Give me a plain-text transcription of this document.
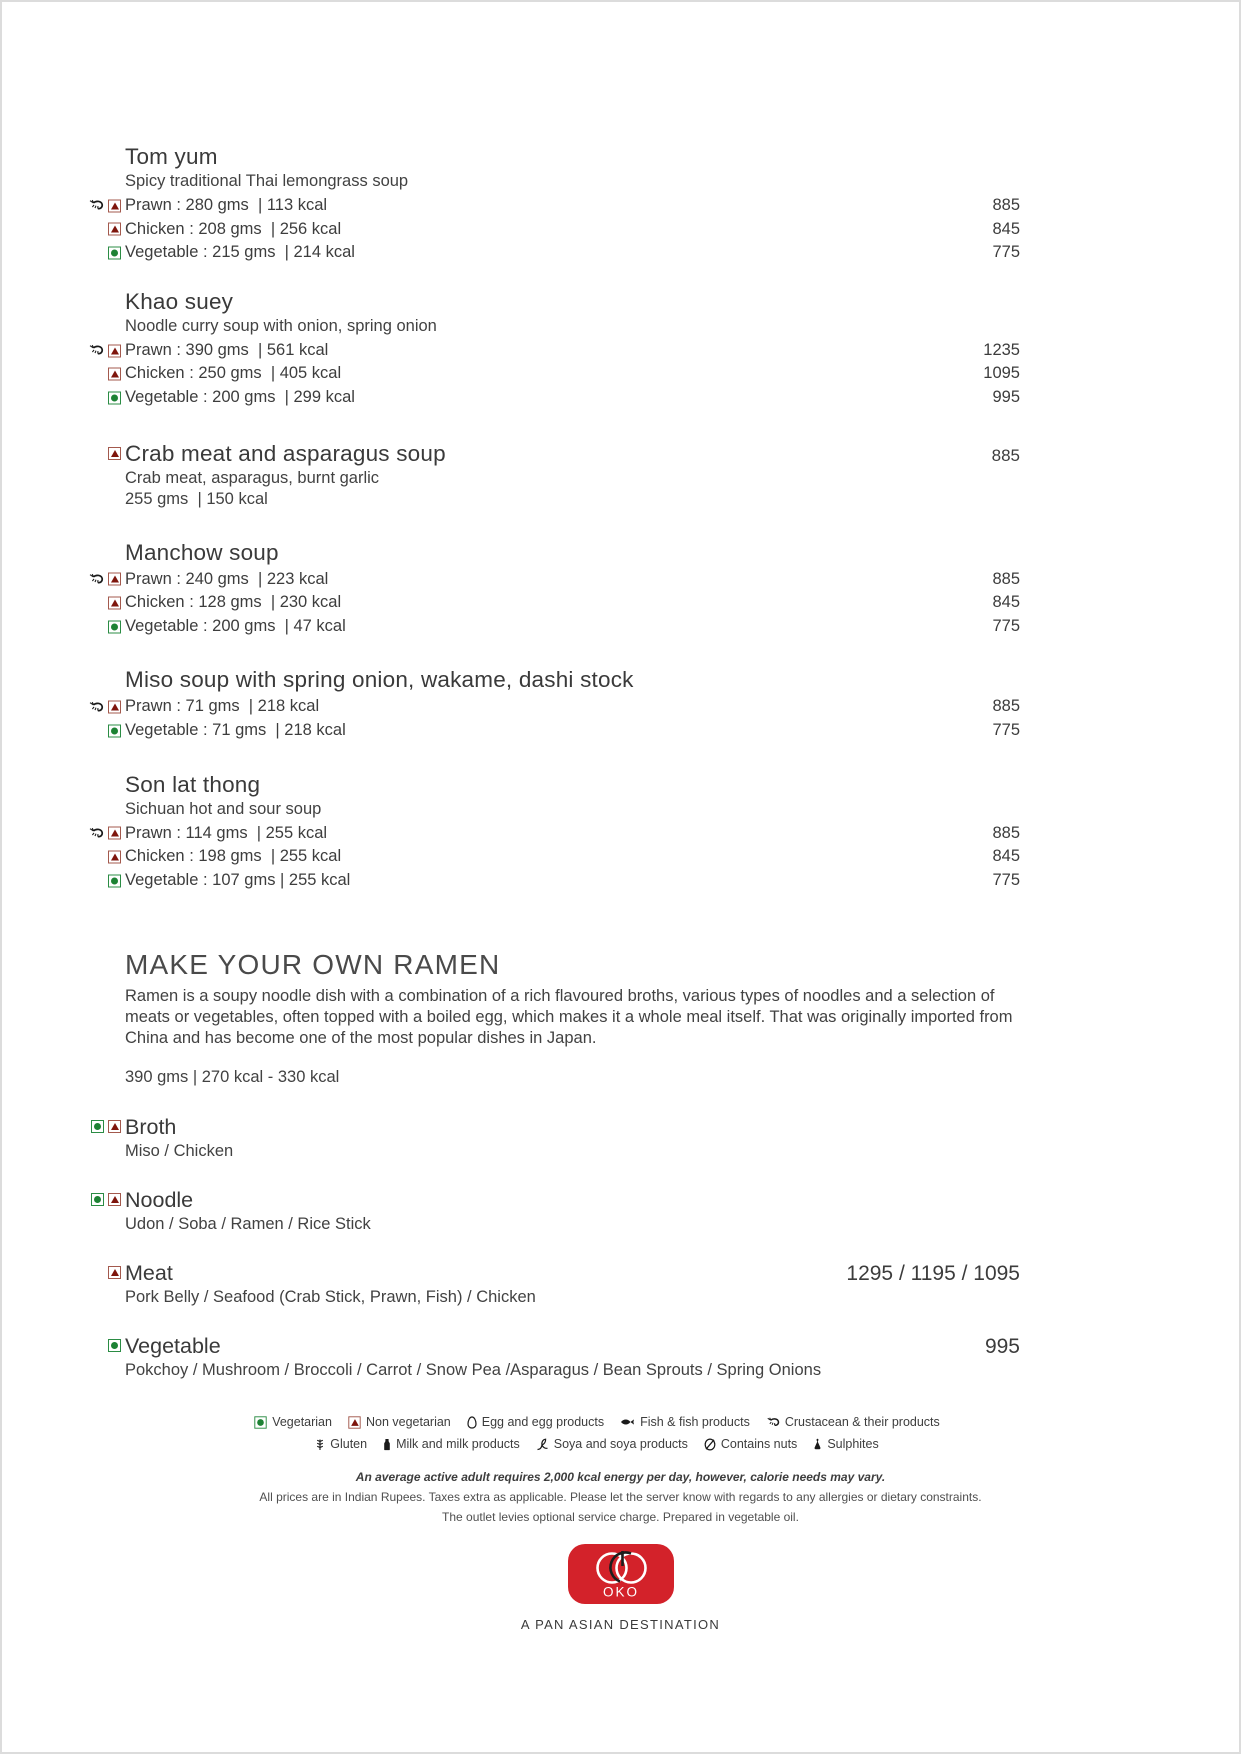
Tom yum
Spicy traditional Thai lemongrass soup
Prawn : 280 gms  | 113 kcal	885
Chicken : 208 gms  | 256 kcal	845
Vegetable : 215 gms  | 214 kcal	775
Khao suey
Noodle curry soup with onion, spring onion
Prawn : 390 gms  | 561 kcal	1235
Chicken : 250 gms  | 405 kcal	1095
Vegetable : 200 gms  | 299 kcal	995
Crab meat and asparagus soup	885
Crab meat, asparagus, burnt garlic
255 gms  | 150 kcal
Manchow soup
Prawn : 240 gms  | 223 kcal	885
Chicken : 128 gms  | 230 kcal	845
Vegetable : 200 gms  | 47 kcal	775
Miso soup with spring onion, wakame, dashi stock
Prawn : 71 gms  | 218 kcal	885
Vegetable : 71 gms  | 218 kcal	775
Son lat thong
Sichuan hot and sour soup
Prawn : 114 gms  | 255 kcal	885
Chicken : 198 gms  | 255 kcal	845
Vegetable : 107 gms | 255 kcal	775
MAKE YOUR OWN RAMEN
Ramen is a soupy noodle dish with a combination of a rich flavoured broths, various types of noodles and a selection of meats or vegetables, often topped with a boiled egg, which makes it a whole meal itself. That was originally imported from China and has become one of the most popular dishes in Japan.
390 gms | 270 kcal - 330 kcal
Broth
Miso / Chicken
Noodle
Udon / Soba / Ramen / Rice Stick
Meat	1295 / 1195 / 1095
Pork Belly / Seafood (Crab Stick, Prawn, Fish) / Chicken
Vegetable	995
Pokchoy / Mushroom / Broccoli / Carrot / Snow Pea /Asparagus / Bean Sprouts / Spring Onions
Vegetarian	Non vegetarian Egg and egg products	Fish & fish products	Crustacean & their products
Gluten Milk and milk products	Soya and soya products	Contains nuts Sulphites
An average active adult requires 2,000 kcal energy per day, however, calorie needs may vary.
All prices are in Indian Rupees. Taxes extra as applicable. Please let the server know with regards to any allergies or dietary constraints.
The outlet levies optional service charge. Prepared in vegetable oil.
OKO
A PAN ASIAN DESTINATION
